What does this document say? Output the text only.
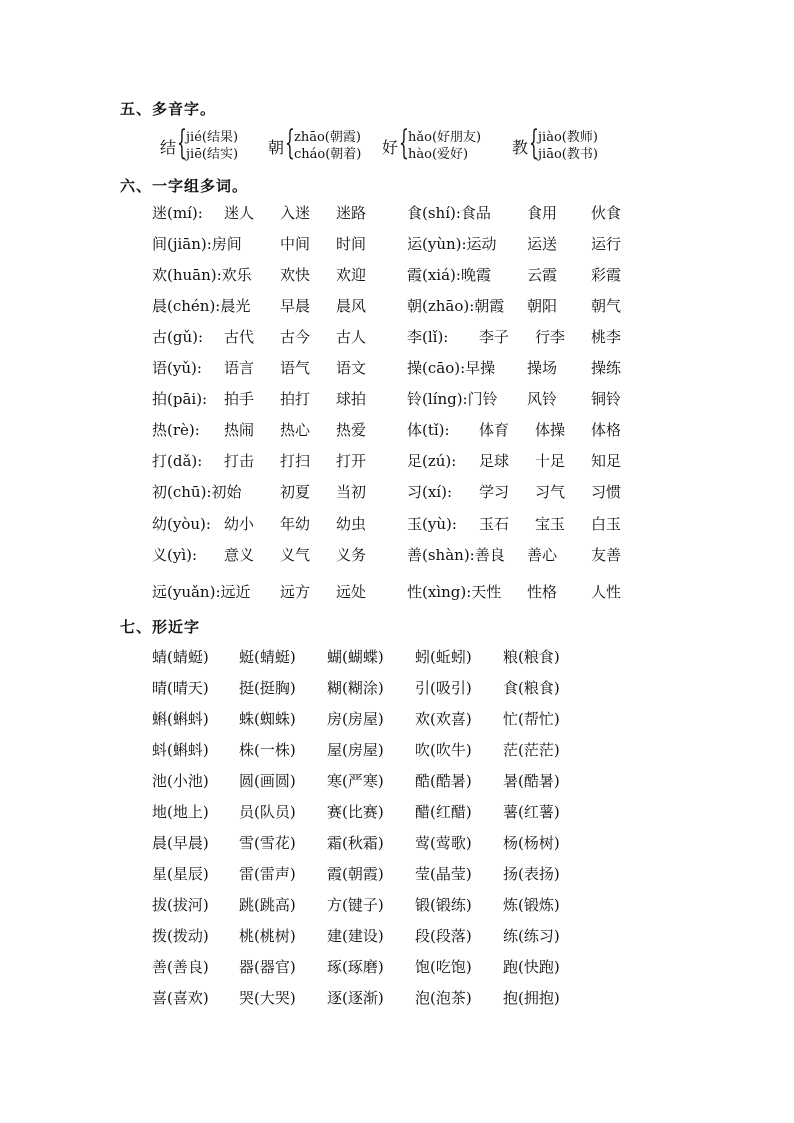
五、多音字。
结 { jié(结果)
jiē(结实) 朝 { zhāo(朝霞)
cháo(朝着) 好 { hǎo(好朋友)
hào(爱好)	教 { jiào(教师)
jiāo(教书)
六、一字组多词。
迷(mí): 迷人 入迷 迷路	食(shí):食品 食用 伙食
间(jiān):房间	中间 时间	运(yùn):运动 运送 运行
欢(huān):欢乐 欢快 欢迎	霞(xiá):晚霞 云霞 彩霞
晨(chén):晨光 早晨 晨风	朝(zhāo):朝霞 朝阳 朝气
古(gǔ): 古代 古今 古人	李(lǐ): 李子 行李 桃李
语(yǔ): 语言 语气 语文	操(cāo):早操 操场 操练
拍(pāi): 拍手 拍打 球拍	铃(líng):门铃 风铃 铜铃
热(rè): 热闹 热心 热爱	体(tǐ): 体育 体操 体格
打(dǎ): 打击 打扫 打开	足(zú): 足球 十足 知足
初(chū):初始	初夏 当初	习(xí): 学习 习气 习惯
幼(yòu): 幼小 年幼 幼虫	玉(yù): 玉石 宝玉 白玉
义(yì): 意义 义气 义务	善(shàn):善良 善心 友善
远(yuǎn):远近 远方 远处	性(xìng):天性 性格 人性
七、形近字
蜻(蜻蜓) 蜓(蜻蜓) 蝴(蝴蝶) 蚓(蚯蚓) 粮(粮食)
晴(晴天) 挺(挺胸) 糊(糊涂) 引(吸引) 食(粮食)
蝌(蝌蚪) 蛛(蜘蛛) 房(房屋) 欢(欢喜) 忙(帮忙)
蚪(蝌蚪) 株(一株) 屋(房屋) 吹(吹牛) 茫(茫茫)
池(小池) 圆(画圆) 寒(严寒) 酷(酷暑) 暑(酷暑)
地(地上) 员(队员) 赛(比赛) 醋(红醋) 薯(红薯)
晨(早晨) 雪(雪花) 霜(秋霜) 莺(莺歌) 杨(杨树)
星(星辰) 雷(雷声) 霞(朝霞) 莹(晶莹) 扬(表扬)
拔(拔河) 跳(跳高) 方(键子) 锻(锻练) 炼(锻炼)
拨(拨动) 桃(桃树) 建(建设) 段(段落) 练(练习)
善(善良) 器(器官) 琢(琢磨) 饱(吃饱) 跑(快跑)
喜(喜欢) 哭(大哭) 逐(逐渐) 泡(泡茶) 抱(拥抱)
